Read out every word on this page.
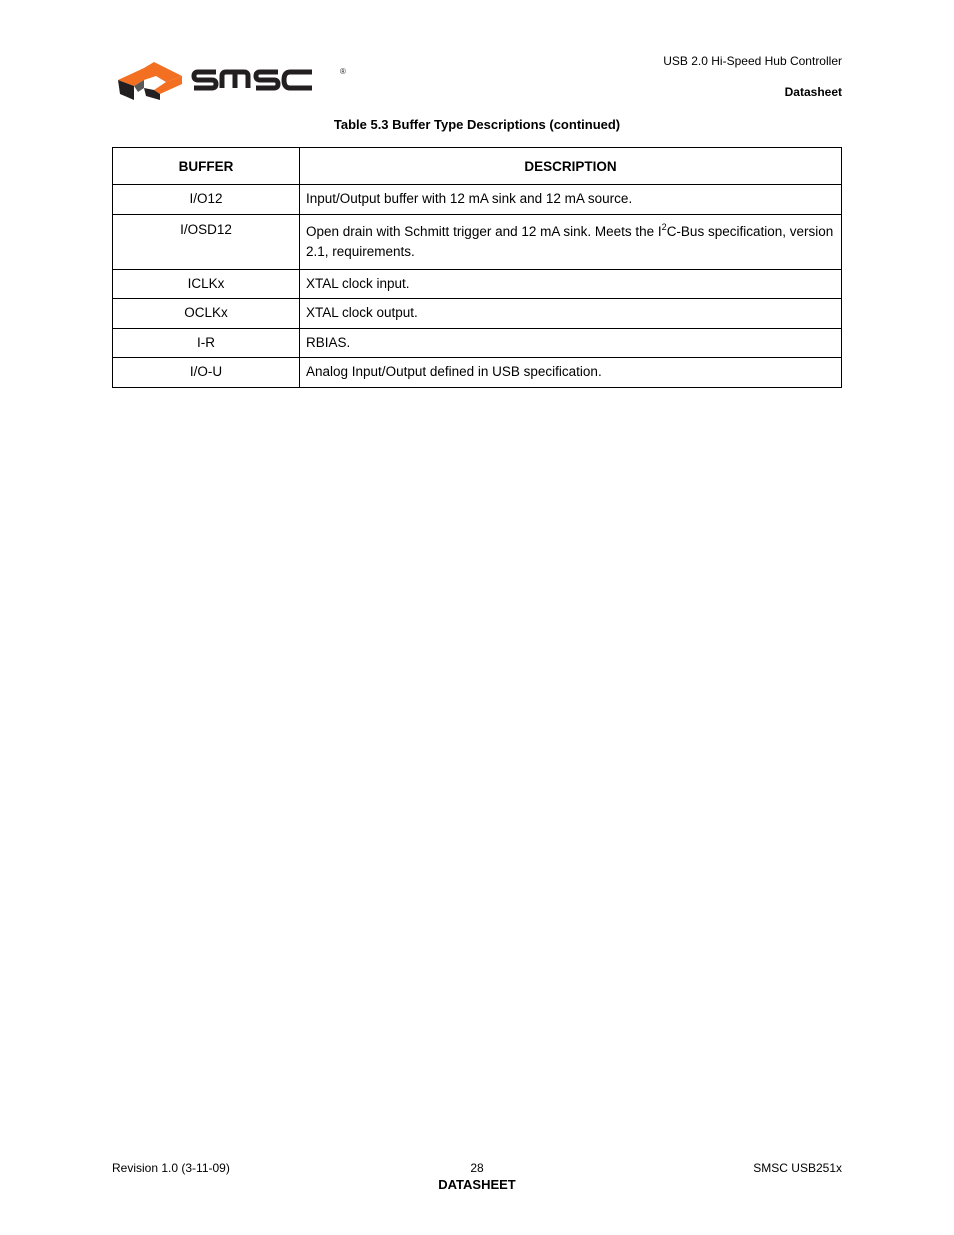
®
USB 2.0 Hi-Speed Hub Controller
Datasheet
Table 5.3 Buffer Type Descriptions (continued)
BUFFER	DESCRIPTION
I/O12	Input/Output buffer with 12 mA sink and 12 mA source.
I/OSD12	Open drain with Schmitt trigger and 12 mA sink. Meets the $I^2C$-Bus specification, version 2.1, requirements.
ICLKx	XTAL clock input.
OCLKx	XTAL clock output.
I-R	RBIAS.
I/O-U	Analog Input/Output defined in USB specification.
Revision 1.0 (3-11-09)	28
DATASHEET
SMSC USB251x
